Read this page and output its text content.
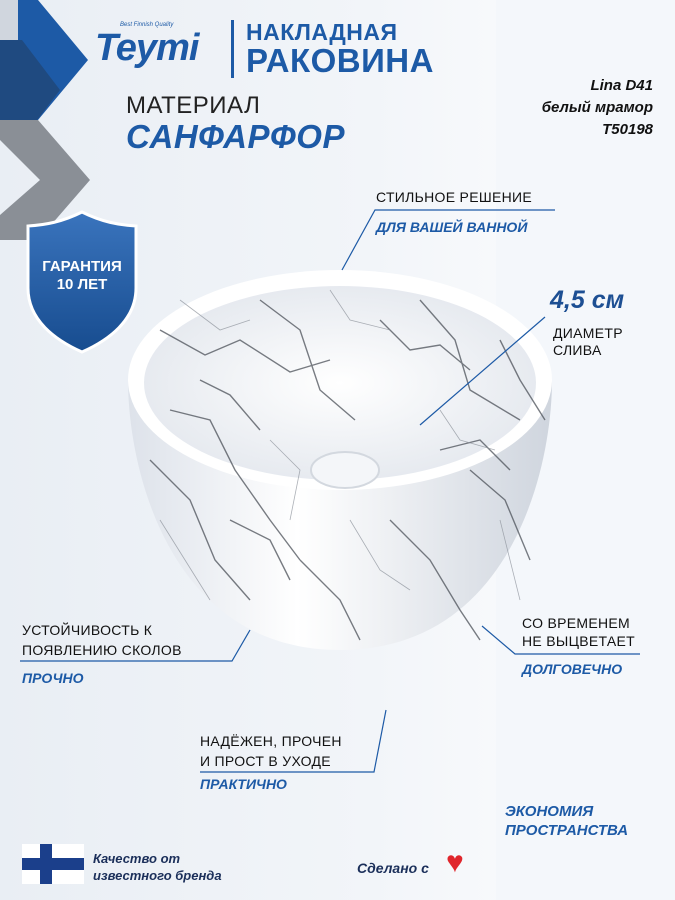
Best Finnish Quality
Teymi НАКЛАДНАЯ
РАКОВИНА
МАТЕРИАЛ
САНФАРФОР
Lina D41
белый мрамор
T50198
ГАРАНТИЯ
10 ЛЕТ
СТИЛЬНОЕ РЕШЕНИЕ
ДЛЯ ВАШЕЙ ВАННОЙ
4,5 см
ДИАМЕТР
СЛИВА
УСТОЙЧИВОСТЬ К
ПОЯВЛЕНИЮ СКОЛОВ
ПРОЧНО
СО ВРЕМЕНЕМ
НЕ ВЫЦВЕТАЕТ
ДОЛГОВЕЧНО
НАДЁЖЕН, ПРОЧЕН
И ПРОСТ В УХОДЕ
ПРАКТИЧНО
ЭКОНОМИЯ
ПРОСТРАНСТВА
Качество от
известного бренда	Сделано с ♥
